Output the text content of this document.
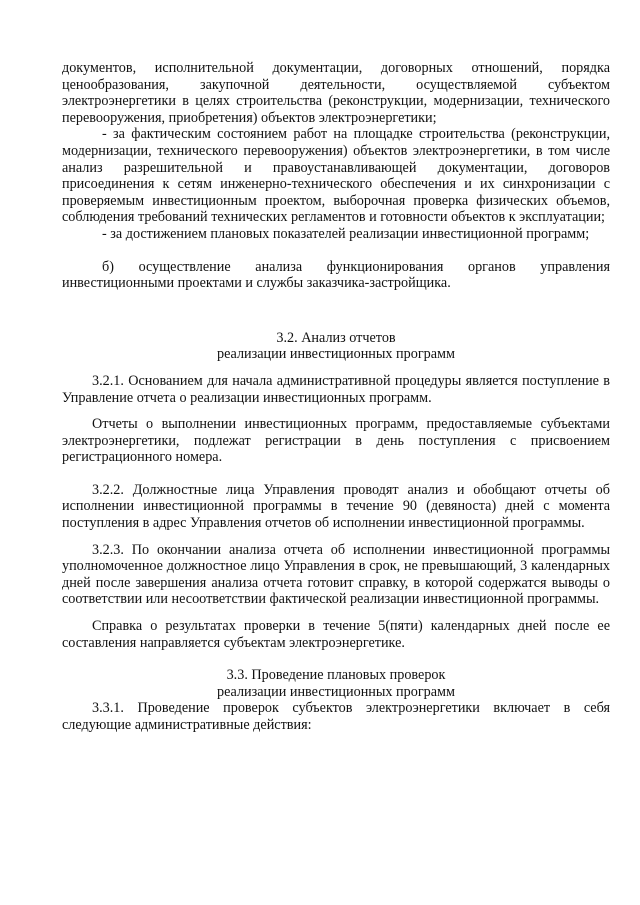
документов, исполнительной документации, договорных отношений, порядка ценообразования, закупочной деятельности, осуществляемой субъектом электроэнергетики в целях строительства (реконструкции, модернизации, технического перевооружения, приобретения) объектов электроэнергетики;

- за фактическим состоянием работ на площадке строительства (реконструкции, модернизации, технического перевооружения) объектов электроэнергетики, в том числе анализ разрешительной и правоустанавливающей документации, договоров присоединения к сетям инженерно-технического обеспечения и их синхронизации с проверяемым инвестиционным проектом, выборочная проверка физических объемов, соблюдения требований технических регламентов и готовности объектов к эксплуатации;

- за достижением плановых показателей реализации инвестиционной программ;

б) осуществление анализа функционирования органов управления инвестиционными проектами и службы заказчика-застройщика.

3.2. Анализ отчетов

реализации инвестиционных программ

3.2.1. Основанием для начала административной процедуры является поступление в Управление отчета о реализации инвестиционных программ.

Отчеты о выполнении инвестиционных программ, предоставляемые субъектами электроэнергетики, подлежат регистрации в день поступления с присвоением регистрационного номера.

3.2.2. Должностные лица Управления проводят анализ и обобщают отчеты об исполнении инвестиционной программы в течение 90 (девяноста) дней с момента поступления в адрес Управления отчетов об исполнении инвестиционной программы.

3.2.3. По окончании анализа отчета об исполнении инвестиционной программы уполномоченное должностное лицо Управления в срок, не превышающий, 3 календарных дней после завершения анализа отчета готовит справку, в которой содержатся выводы о соответствии или несоответствии фактической реализации инвестиционной программы.

Справка о результатах проверки в течение 5(пяти) календарных дней после ее составления направляется субъектам электроэнергетике.

3.3. Проведение плановых проверок

реализации инвестиционных программ

3.3.1. Проведение проверок субъектов электроэнергетики включает в себя следующие административные действия:
